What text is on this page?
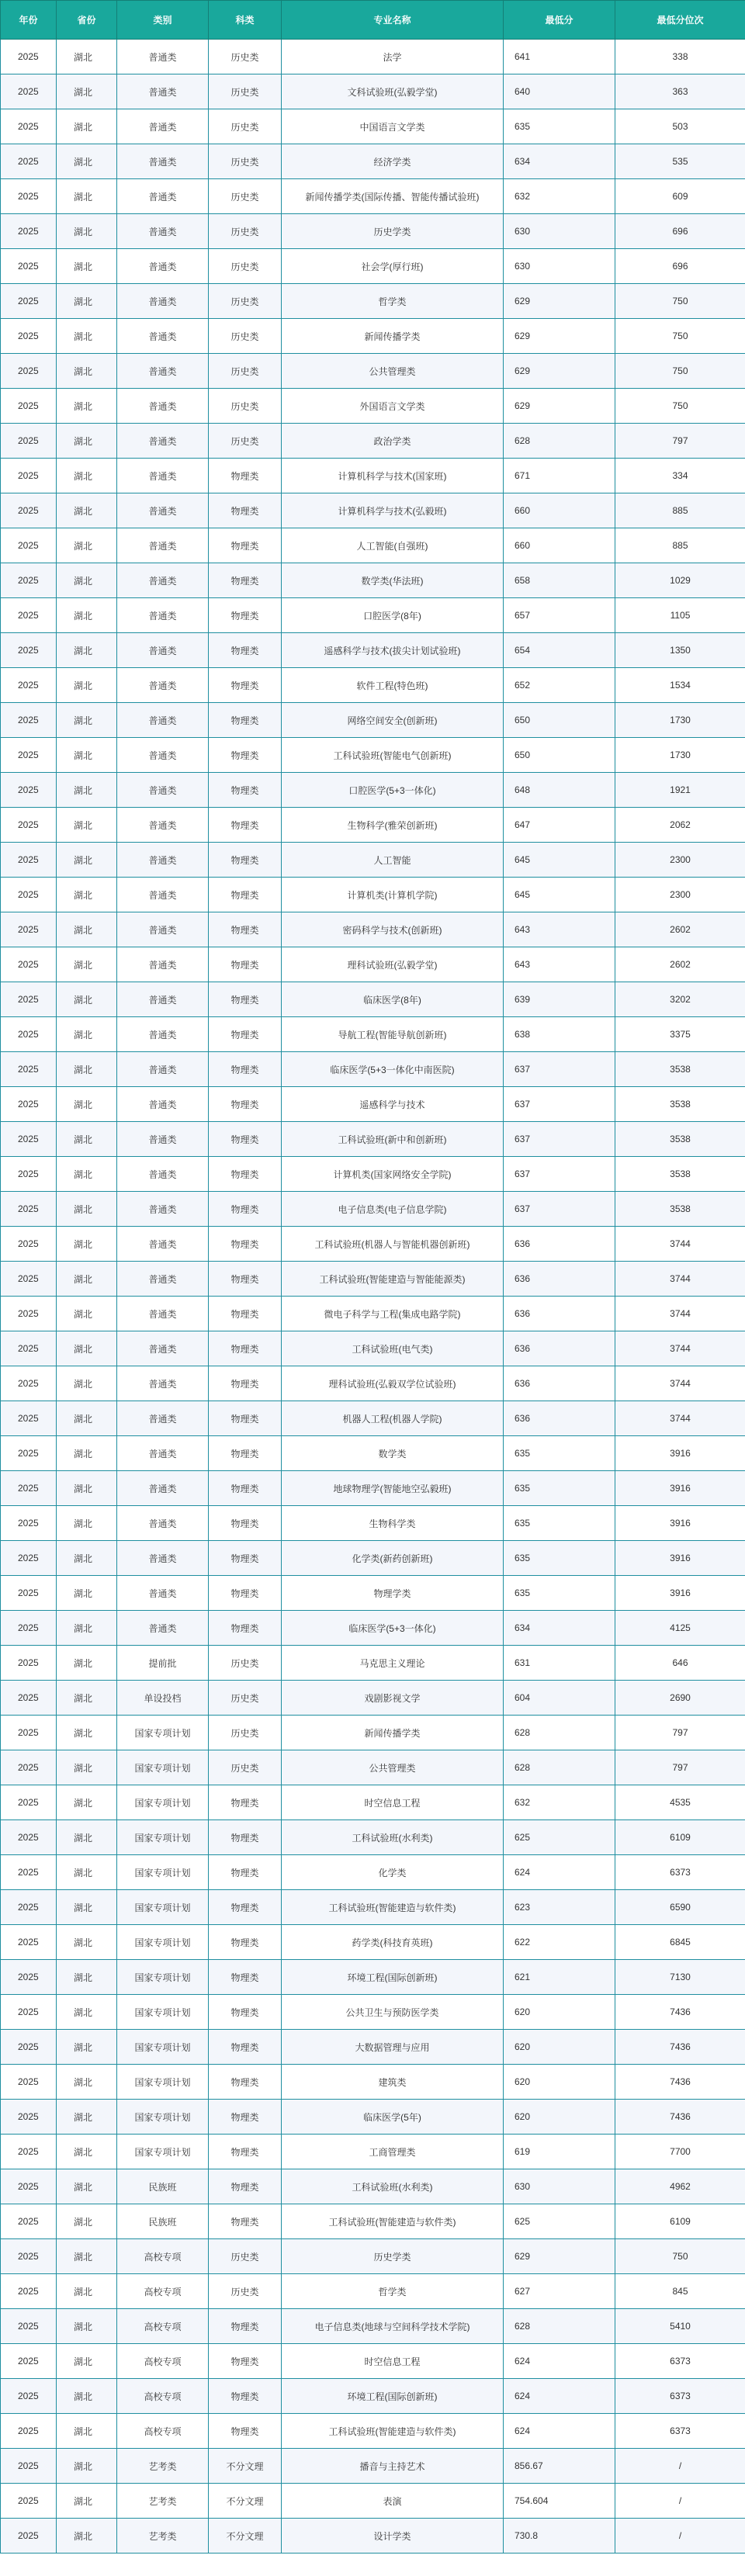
年份	省份	类别	科类	专业名称	最低分	最低分位次
2025	湖北	普通类	历史类	法学	641	338
2025	湖北	普通类	历史类	文科试验班(弘毅学堂)	640	363
2025	湖北	普通类	历史类	中国语言文学类	635	503
2025	湖北	普通类	历史类	经济学类	634	535
2025	湖北	普通类	历史类	新闻传播学类(国际传播、智能传播试验班)	632	609
2025	湖北	普通类	历史类	历史学类	630	696
2025	湖北	普通类	历史类	社会学(厚行班)	630	696
2025	湖北	普通类	历史类	哲学类	629	750
2025	湖北	普通类	历史类	新闻传播学类	629	750
2025	湖北	普通类	历史类	公共管理类	629	750
2025	湖北	普通类	历史类	外国语言文学类	629	750
2025	湖北	普通类	历史类	政治学类	628	797
2025	湖北	普通类	物理类	计算机科学与技术(国家班)	671	334
2025	湖北	普通类	物理类	计算机科学与技术(弘毅班)	660	885
2025	湖北	普通类	物理类	人工智能(自强班)	660	885
2025	湖北	普通类	物理类	数学类(华法班)	658	1029
2025	湖北	普通类	物理类	口腔医学(8年)	657	1105
2025	湖北	普通类	物理类	遥感科学与技术(拔尖计划试验班)	654	1350
2025	湖北	普通类	物理类	软件工程(特色班)	652	1534
2025	湖北	普通类	物理类	网络空间安全(创新班)	650	1730
2025	湖北	普通类	物理类	工科试验班(智能电气创新班)	650	1730
2025	湖北	普通类	物理类	口腔医学(5+3一体化)	648	1921
2025	湖北	普通类	物理类	生物科学(雅荣创新班)	647	2062
2025	湖北	普通类	物理类	人工智能	645	2300
2025	湖北	普通类	物理类	计算机类(计算机学院)	645	2300
2025	湖北	普通类	物理类	密码科学与技术(创新班)	643	2602
2025	湖北	普通类	物理类	理科试验班(弘毅学堂)	643	2602
2025	湖北	普通类	物理类	临床医学(8年)	639	3202
2025	湖北	普通类	物理类	导航工程(智能导航创新班)	638	3375
2025	湖北	普通类	物理类	临床医学(5+3一体化中南医院)	637	3538
2025	湖北	普通类	物理类	遥感科学与技术	637	3538
2025	湖北	普通类	物理类	工科试验班(新中和创新班)	637	3538
2025	湖北	普通类	物理类	计算机类(国家网络安全学院)	637	3538
2025	湖北	普通类	物理类	电子信息类(电子信息学院)	637	3538
2025	湖北	普通类	物理类	工科试验班(机器人与智能机器创新班)	636	3744
2025	湖北	普通类	物理类	工科试验班(智能建造与智能能源类)	636	3744
2025	湖北	普通类	物理类	微电子科学与工程(集成电路学院)	636	3744
2025	湖北	普通类	物理类	工科试验班(电气类)	636	3744
2025	湖北	普通类	物理类	理科试验班(弘毅双学位试验班)	636	3744
2025	湖北	普通类	物理类	机器人工程(机器人学院)	636	3744
2025	湖北	普通类	物理类	数学类	635	3916
2025	湖北	普通类	物理类	地球物理学(智能地空弘毅班)	635	3916
2025	湖北	普通类	物理类	生物科学类	635	3916
2025	湖北	普通类	物理类	化学类(新药创新班)	635	3916
2025	湖北	普通类	物理类	物理学类	635	3916
2025	湖北	普通类	物理类	临床医学(5+3一体化)	634	4125
2025	湖北	提前批	历史类	马克思主义理论	631	646
2025	湖北	单设投档	历史类	戏剧影视文学	604	2690
2025	湖北	国家专项计划	历史类	新闻传播学类	628	797
2025	湖北	国家专项计划	历史类	公共管理类	628	797
2025	湖北	国家专项计划	物理类	时空信息工程	632	4535
2025	湖北	国家专项计划	物理类	工科试验班(水利类)	625	6109
2025	湖北	国家专项计划	物理类	化学类	624	6373
2025	湖北	国家专项计划	物理类	工科试验班(智能建造与软件类)	623	6590
2025	湖北	国家专项计划	物理类	药学类(科技育英班)	622	6845
2025	湖北	国家专项计划	物理类	环境工程(国际创新班)	621	7130
2025	湖北	国家专项计划	物理类	公共卫生与预防医学类	620	7436
2025	湖北	国家专项计划	物理类	大数据管理与应用	620	7436
2025	湖北	国家专项计划	物理类	建筑类	620	7436
2025	湖北	国家专项计划	物理类	临床医学(5年)	620	7436
2025	湖北	国家专项计划	物理类	工商管理类	619	7700
2025	湖北	民族班	物理类	工科试验班(水利类)	630	4962
2025	湖北	民族班	物理类	工科试验班(智能建造与软件类)	625	6109
2025	湖北	高校专项	历史类	历史学类	629	750
2025	湖北	高校专项	历史类	哲学类	627	845
2025	湖北	高校专项	物理类	电子信息类(地球与空间科学技术学院)	628	5410
2025	湖北	高校专项	物理类	时空信息工程	624	6373
2025	湖北	高校专项	物理类	环境工程(国际创新班)	624	6373
2025	湖北	高校专项	物理类	工科试验班(智能建造与软件类)	624	6373
2025	湖北	艺考类	不分文理	播音与主持艺术	856.67	/
2025	湖北	艺考类	不分文理	表演	754.604	/
2025	湖北	艺考类	不分文理	设计学类	730.8	/
